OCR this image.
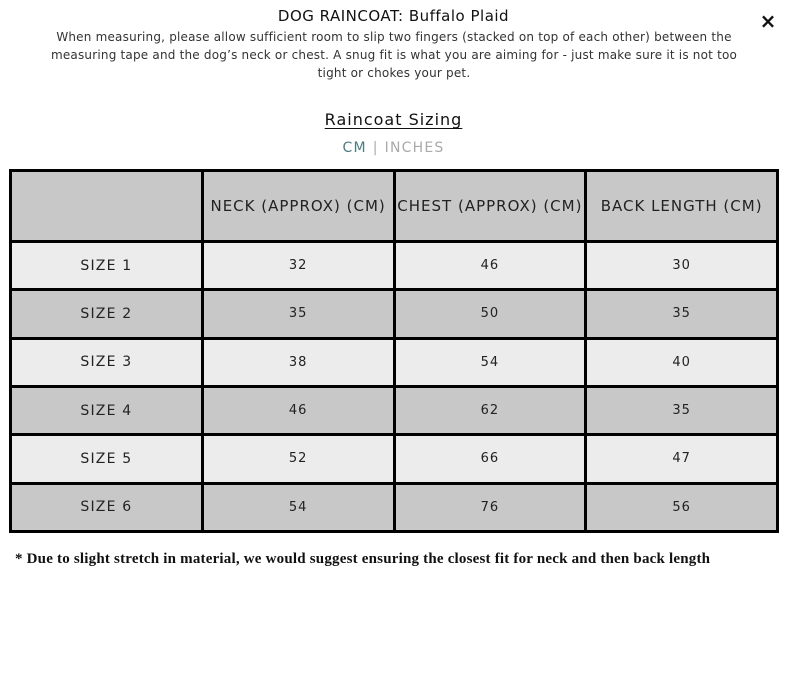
×
DOG RAINCOAT: Buffalo Plaid
When measuring, please allow sufficient room to slip two fingers (stacked on top of each other) between the measuring tape and the dog’s neck or chest. A snug fit is what you are aiming for - just make sure it is not too tight or chokes your pet.
Raincoat Sizing
CM | INCHES
	NECK (APPROX) (CM)	CHEST (APPROX) (CM)	BACK LENGTH (CM)
SIZE 1	32	46	30
SIZE 2	35	50	35
SIZE 3	38	54	40
SIZE 4	46	62	35
SIZE 5	52	66	47
SIZE 6	54	76	56
* Due to slight stretch in material, we would suggest ensuring the closest fit for neck and then back length
